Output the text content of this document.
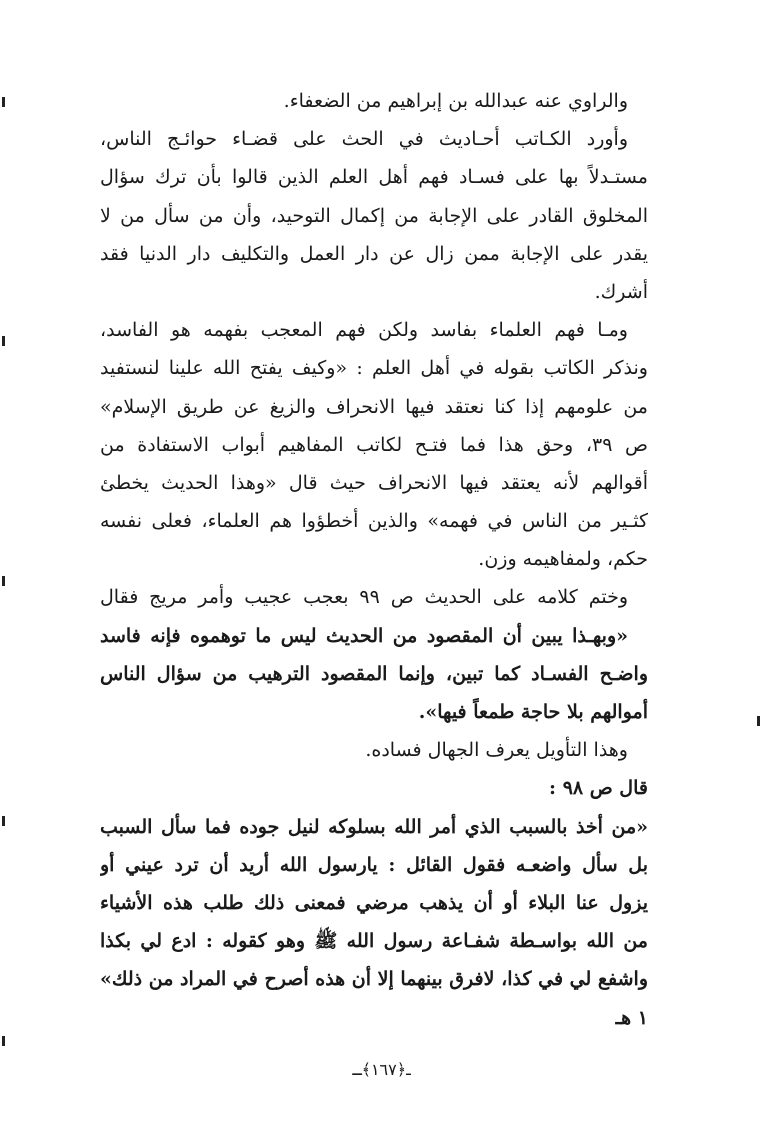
والراوي عنه عبدالله بن إبراهيم من الضعفاء.
وأورد الكـاتب أحـاديث في الحث على قضـاء حوائـج الناس،
مستـدلاً بها على فسـاد فهم أهل العلم الذين قالوا بأن ترك سؤال
المخلوق القادر على الإجابة من إكمال التوحيد، وأن من سأل من لا
يقدر على الإجابة ممن زال عن دار العمل والتكليف دار الدنيا فقد
أشرك.
ومـا فهم العلماء بفاسد ولكن فهم المعجب بفهمه هو الفاسد،
ونذكر الكاتب بقوله في أهل العلم : «وكيف يفتح الله علينا لنستفيد
من علومهم إذا كنا نعتقد فيها الانحراف والزيغ عن طريق الإسلام»
ص ٣٩، وحق هذا فما فتـح لكاتب المفاهيم أبواب الاستفادة من
أقوالهم لأنه يعتقد فيها الانحراف حيث قال «وهذا الحديث يخطئ
كثـير من الناس في فهمه» والذين أخطؤوا هم العلماء، فعلى نفسه
حكم، ولمفاهيمه وزن.
وختم كلامه على الحديث ص ٩٩ بعجب عجيب وأمر مريج فقال
«وبهـذا يبين أن المقصود من الحديث ليس ما توهموه فإنه فاسد
واضـح الفسـاد كما تبين، وإنما المقصود الترهيب من سؤال الناس
أموالهم بلا حاجة طمعاً فيها».
وهذا التأويل يعرف الجهال فساده.
قال ص ٩٨ :
«من أخذ بالسبب الذي أمر الله بسلوكه لنيل جوده فما سأل السبب
بل سأل واضعـه فقول القائل : يارسول الله أريد أن ترد عيني أو
يزول عنا البلاء أو أن يذهب مرضي فمعنى ذلك طلب هذه الأشياء
من الله بواسـطة شفـاعة رسول الله ﷺ وهو كقوله : ادع لي بكذا
واشفع لي في كذا، لافرق بينهما إلا أن هذه أصرح في المراد من ذلك»
١ هـ
ـ﴿١٦٧﴾ـ
